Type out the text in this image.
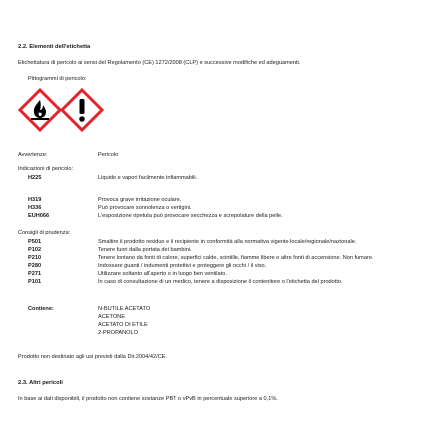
2.2. Elementi dell'etichetta
Etichettatura di pericolo ai sensi del Regolamento (CE) 1272/2008 (CLP) e successive modifiche ed adeguamenti.
Pittogrammi di pericolo:
Avvertenze:	Pericolo
Indicazioni di pericolo:
H225	Liquido e vapori facilmente infiammabili.
H319	Provoca grave irritazione oculare.
H336	Può provocare sonnolenza o vertigini.
EUH066	L'esposizione ripetuta può provocare secchezza e screpolature della pelle.
Consigli di prudenza:
P501	Smaltire il prodotto residuo e il recipiente in conformità alla normativa vigente locale/regionale/nazionale.
P102	Tenere fuori dalla portata dei bambini.
P210	Tenere lontano da fonti di calore, superfici calde, scintille, fiamme libere o altre fonti di accensione. Non fumare.
P280	Indossare guanti / indumenti protettivi e proteggere gli occhi / il viso.
P271	Utilizzare soltanto all'aperto o in luogo ben ventilato.
P101	In caso di consultazione di un medico, tenere a disposizione il contenitore o l'etichetta del prodotto.
Contiene:	N-BUTILE ACETATO
ACETONE
ACETATO DI ETILE
2-PROPANOLO
Prodotto non destinato agli usi previsti dalla Dir.2004/42/CE.
2.3. Altri pericoli
In base ai dati disponibili, il prodotto non contiene sostanze PBT o vPvB in percentuale superiore a 0,1%.
